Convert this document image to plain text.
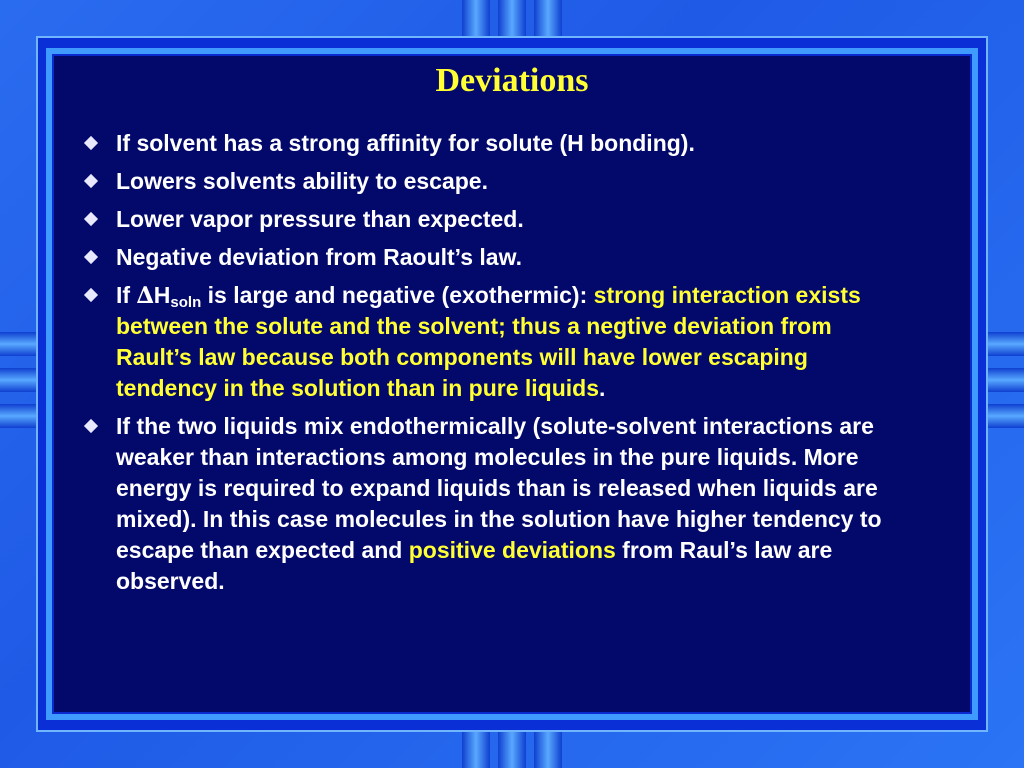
Deviations
If solvent has a strong affinity for solute (H bonding).
Lowers solvents ability to escape.
Lower vapor pressure than expected.
Negative deviation from Raoult’s law.
If $\Delta H_{soln}$ is large and negative (exothermic): strong interaction exists between the solute and the solvent; thus a negtive deviation from Rault’s law because both components will have lower escaping tendency in the solution than in pure liquids.
If the two liquids mix endothermically (solute-solvent interactions are weaker than interactions among molecules in the pure liquids. More energy is required to expand liquids than is released when liquids are mixed). In this case molecules in the solution have higher tendency to escape than expected and positive deviations from Raul’s law are observed.
